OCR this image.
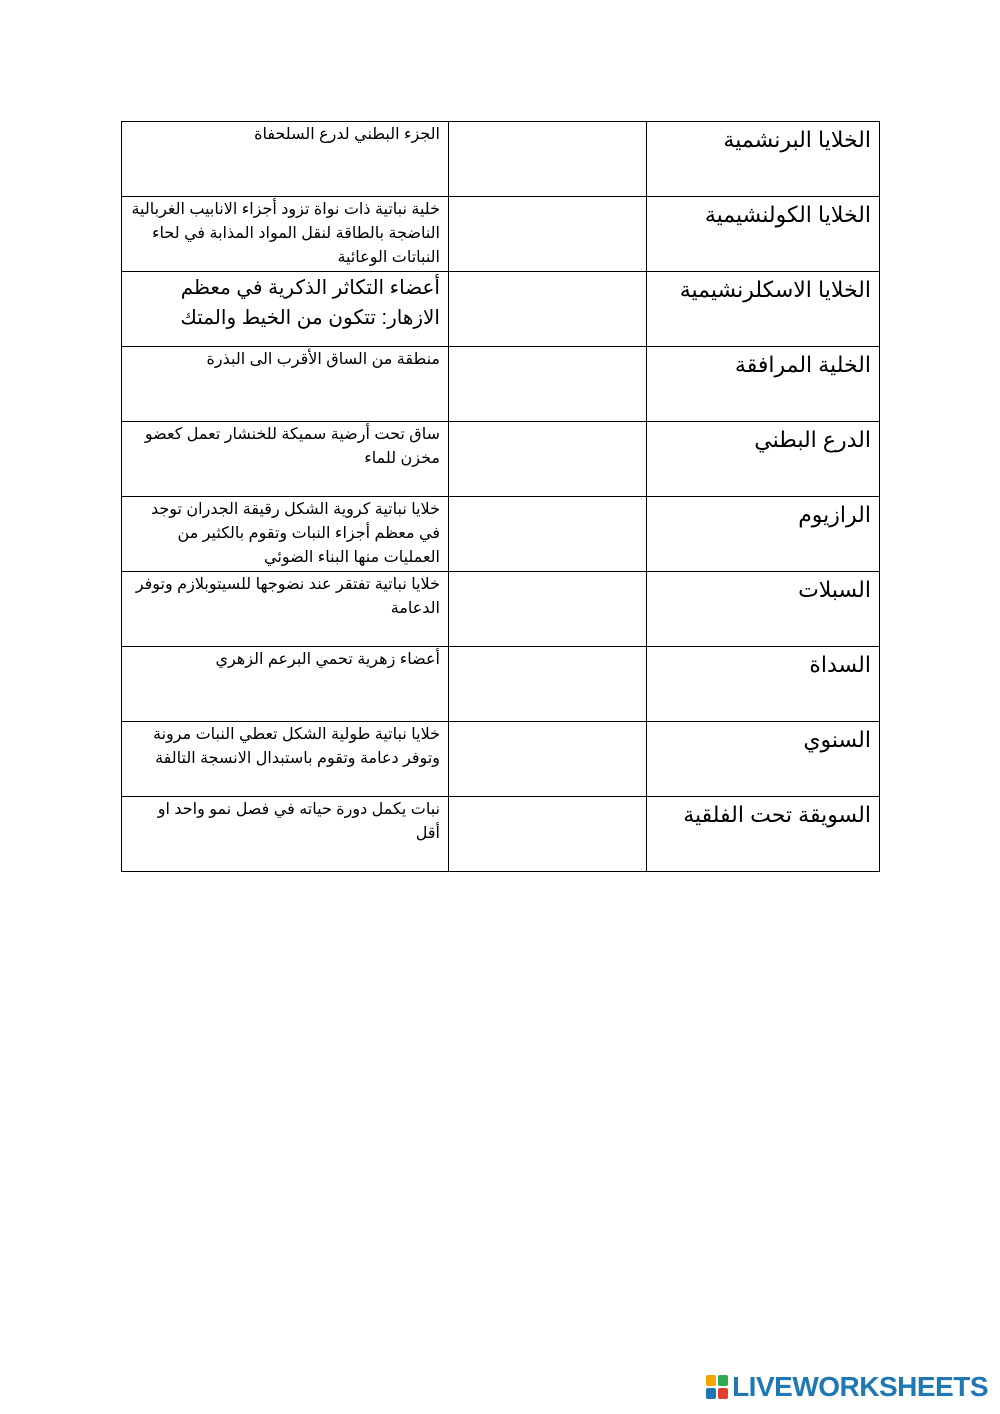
الجزء البطني لدرع السلحفاة		الخلايا البرنشمية

خلية نباتية ذات نواة تزود أجزاء الانابيب الغربالية الناضجة بالطاقة لنقل المواد المذابة في لحاء النباتات الوعائية		الخلايا الكولنشيمية

أعضاء التكاثر الذكرية في معظم الازهار: تتكون من الخيط والمتك		الخلايا الاسكلرنشيمية

منطقة من الساق الأقرب الى البذرة		الخلية المرافقة

ساق تحت أرضية سميكة للخنشار تعمل كعضو مخزن للماء		الدرع البطني

خلايا نباتية كروية الشكل رقيقة الجدران توجد في معظم أجزاء النبات وتقوم بالكثير من العمليات منها البناء الضوئي		الرازيوم

خلايا نباتية تفتقر عند نضوجها للسيتوبلازم وتوفر الدعامة		السبلات

أعضاء زهرية تحمي البرعم الزهري		السداة

خلايا نباتية طولية الشكل تعطي النبات مرونة وتوفر دعامة وتقوم باستبدال الانسجة التالفة		السنوي

نبات يكمل دورة حياته في فصل نمو واحد او أقل		السويقة تحت الفلقية
LIVEWORKSHEETS
